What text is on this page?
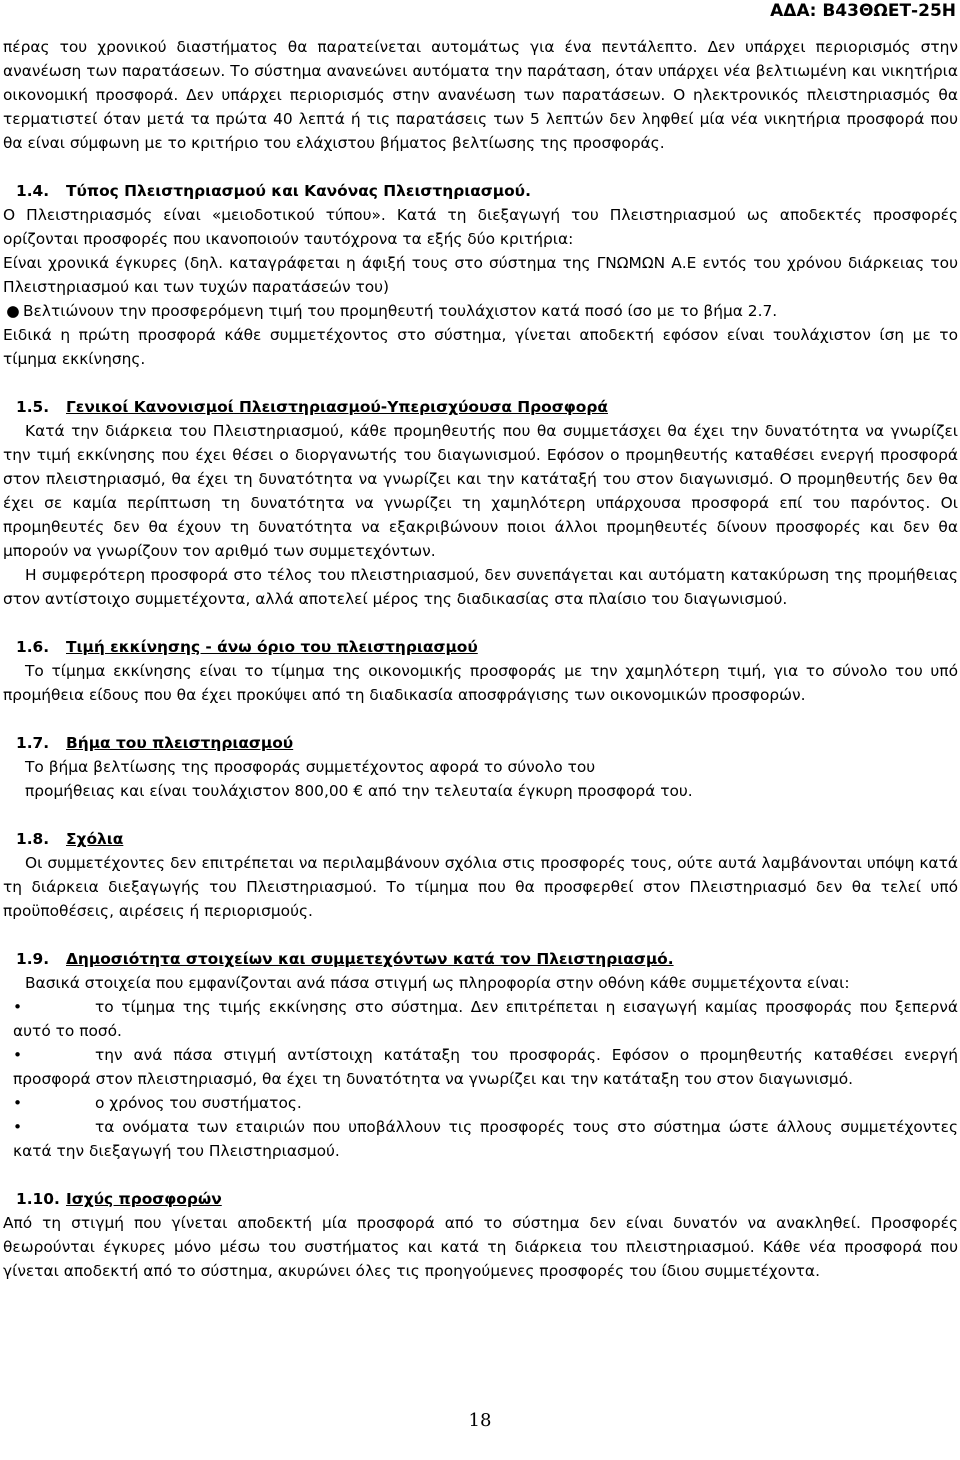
ΑΔΑ: Β43ΘΩΕΤ-25Η

πέρας του χρονικού διαστήματος θα παρατείνεται αυτομάτως για ένα πεντάλεπτο. Δεν υπάρχει περιορισμός στην ανανέωση των παρατάσεων. Το σύστημα ανανεώνει αυτόματα την παράταση, όταν υπάρχει νέα βελτιωμένη και νικητήρια οικονομική προσφορά. Δεν υπάρχει περιορισμός στην ανανέωση των παρατάσεων. Ο ηλεκτρονικός πλειστηριασμός θα τερματιστεί όταν μετά τα πρώτα 40 λεπτά ή τις παρατάσεις των 5 λεπτών δεν ληφθεί μία νέα νικητήρια προσφορά που θα είναι σύμφωνη με το κριτήριο του ελάχιστου βήματος βελτίωσης της προσφοράς.

1.4.	Τύπος Πλειστηριασμού και Κανόνας Πλειστηριασμού.

Ο Πλειστηριασμός είναι «μειοδοτικού τύπου». Κατά τη διεξαγωγή του Πλειστηριασμού ως αποδεκτές προσφορές ορίζονται προσφορές που ικανοποιούν ταυτόχρονα τα εξής δύο κριτήρια:

Είναι χρονικά έγκυρες (δηλ. καταγράφεται η άφιξή τους στο σύστημα της ΓΝΩΜΩΝ Α.Ε εντός του χρόνου διάρκειας του Πλειστηριασμού και των τυχών παρατάσεών του)

● Βελτιώνουν την προσφερόμενη τιμή του προμηθευτή τουλάχιστον κατά ποσό ίσο με το βήμα 2.7.

Ειδικά η πρώτη προσφορά κάθε συμμετέχοντος στο σύστημα, γίνεται αποδεκτή εφόσον είναι τουλάχιστον ίση με το τίμημα εκκίνησης.

1.5.	Γενικοί Κανονισμοί Πλειστηριασμού-Υπερισχύουσα Προσφορά

Κατά την διάρκεια του Πλειστηριασμού, κάθε προμηθευτής που θα συμμετάσχει θα έχει την δυνατότητα να γνωρίζει την τιμή εκκίνησης που έχει θέσει ο διοργανωτής του διαγωνισμού. Εφόσον ο προμηθευτής καταθέσει ενεργή προσφορά στον πλειστηριασμό, θα έχει τη δυνατότητα να γνωρίζει και την κατάταξή του στον διαγωνισμό. Ο προμηθευτής δεν θα έχει σε καμία περίπτωση τη δυνατότητα να γνωρίζει τη χαμηλότερη υπάρχουσα προσφορά επί του παρόντος. Οι προμηθευτές δεν θα έχουν τη δυνατότητα να εξακριβώνουν ποιοι άλλοι προμηθευτές δίνουν προσφορές και δεν θα μπορούν να γνωρίζουν τον αριθμό των συμμετεχόντων.

Η συμφερότερη προσφορά στο τέλος του πλειστηριασμού, δεν συνεπάγεται και αυτόματη κατακύρωση της προμήθειας στον αντίστοιχο συμμετέχοντα, αλλά αποτελεί μέρος της διαδικασίας στα πλαίσιο του διαγωνισμού.

1.6.	Τιμή εκκίνησης - άνω όριο του πλειστηριασμού

Το τίμημα εκκίνησης είναι το τίμημα της οικονομικής προσφοράς με την χαμηλότερη τιμή, για το σύνολο του υπό προμήθεια είδους που θα έχει προκύψει από τη διαδικασία αποσφράγισης των οικονομικών προσφορών.

1.7.	Βήμα του πλειστηριασμού

Το βήμα βελτίωσης της προσφοράς συμμετέχοντος αφορά το σύνολο του

προμήθειας και είναι τουλάχιστον 800,00 € από την τελευταία έγκυρη προσφορά του.

1.8.	Σχόλια

Οι συμμετέχοντες δεν επιτρέπεται να περιλαμβάνουν σχόλια στις προσφορές τους, ούτε αυτά λαμβάνονται υπόψη κατά τη διάρκεια διεξαγωγής του Πλειστηριασμού. Το τίμημα που θα προσφερθεί στον Πλειστηριασμό δεν θα τελεί υπό προϋποθέσεις, αιρέσεις ή περιορισμούς.

1.9.	Δημοσιότητα στοιχείων και συμμετεχόντων κατά τον Πλειστηριασμό.

Βασικά στοιχεία που εμφανίζονται ανά πάσα στιγμή ως πληροφορία στην οθόνη κάθε συμμετέχοντα είναι:

•	το τίμημα της τιμής εκκίνησης στο σύστημα. Δεν επιτρέπεται η εισαγωγή καμίας προσφοράς που ξεπερνά αυτό το ποσό.

•	την ανά πάσα στιγμή αντίστοιχη κατάταξη του προσφοράς. Εφόσον ο προμηθευτής καταθέσει ενεργή προσφορά στον πλειστηριασμό, θα έχει τη δυνατότητα να γνωρίζει και την κατάταξη του στον διαγωνισμό.

•	ο χρόνος του συστήματος.

•	τα ονόματα των εταιριών που υποβάλλουν τις προσφορές τους στο σύστημα ώστε άλλους συμμετέχοντες κατά την διεξαγωγή του Πλειστηριασμού.

1.10. Ισχύς προσφορών

Από τη στιγμή που γίνεται αποδεκτή μία προσφορά από το σύστημα δεν είναι δυνατόν να ανακληθεί. Προσφορές θεωρούνται έγκυρες μόνο μέσω του συστήματος και κατά τη διάρκεια του πλειστηριασμού. Κάθε νέα προσφορά που γίνεται αποδεκτή από το σύστημα, ακυρώνει όλες τις προηγούμενες προσφορές του ίδιου συμμετέχοντα.

18
